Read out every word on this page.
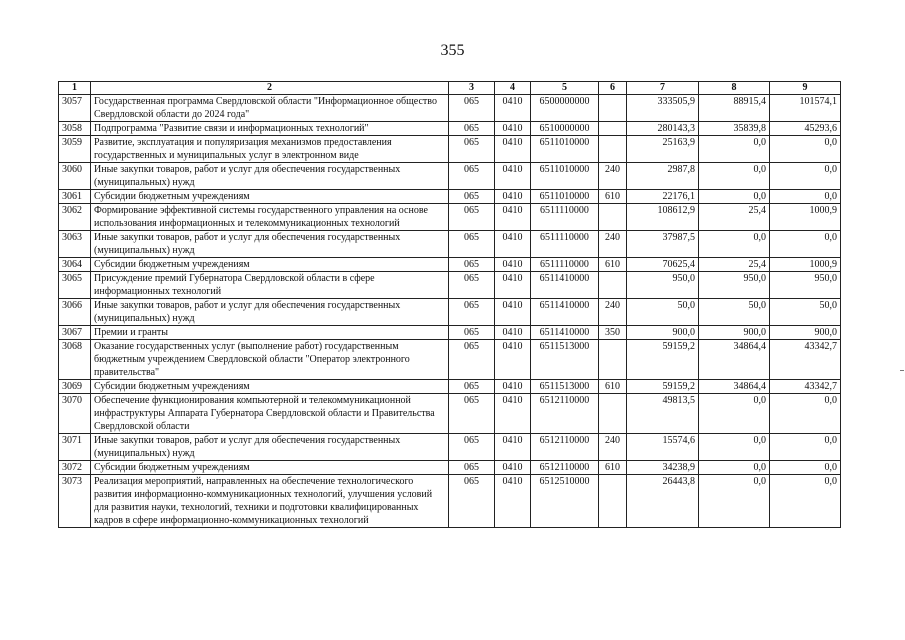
355
1	2	3	4	5	6	7	8	9
3057	Государственная программа Свердловской области "Информационное общество Свердловской области до 2024 года"	065	0410	6500000000		333505,9	88915,4	101574,1
3058	Подпрограмма "Развитие связи и информационных технологий"	065	0410	6510000000		280143,3	35839,8	45293,6
3059	Развитие, эксплуатация и популяризация механизмов предоставления государственных и муниципальных услуг в электронном виде	065	0410	6511010000		25163,9	0,0	0,0
3060	Иные закупки товаров, работ и услуг для обеспечения государственных (муниципальных) нужд	065	0410	6511010000	240	2987,8	0,0	0,0
3061	Субсидии бюджетным учреждениям	065	0410	6511010000	610	22176,1	0,0	0,0
3062	Формирование эффективной системы государственного управления на основе использования информационных и телекоммуникационных технологий	065	0410	6511110000		108612,9	25,4	1000,9
3063	Иные закупки товаров, работ и услуг для обеспечения государственных (муниципальных) нужд	065	0410	6511110000	240	37987,5	0,0	0,0
3064	Субсидии бюджетным учреждениям	065	0410	6511110000	610	70625,4	25,4	1000,9
3065	Присуждение премий Губернатора Свердловской области в сфере информационных технологий	065	0410	6511410000		950,0	950,0	950,0
3066	Иные закупки товаров, работ и услуг для обеспечения государственных (муниципальных) нужд	065	0410	6511410000	240	50,0	50,0	50,0
3067	Премии и гранты	065	0410	6511410000	350	900,0	900,0	900,0
3068	Оказание государственных услуг (выполнение работ) государственным бюджетным учреждением Свердловской области "Оператор электронного правительства"	065	0410	6511513000		59159,2	34864,4	43342,7
3069	Субсидии бюджетным учреждениям	065	0410	6511513000	610	59159,2	34864,4	43342,7
3070	Обеспечение функционирования компьютерной и телекоммуникационной инфраструктуры Аппарата Губернатора Свердловской области и Правительства Свердловской области	065	0410	6512110000		49813,5	0,0	0,0
3071	Иные закупки товаров, работ и услуг для обеспечения государственных (муниципальных) нужд	065	0410	6512110000	240	15574,6	0,0	0,0
3072	Субсидии бюджетным учреждениям	065	0410	6512110000	610	34238,9	0,0	0,0
3073	Реализация мероприятий, направленных на обеспечение технологического развития информационно-коммуникационных технологий, улучшения условий для развития науки, технологий, техники и подготовки квалифицированных кадров в сфере информационно-коммуникационных технологий	065	0410	6512510000		26443,8	0,0	0,0
